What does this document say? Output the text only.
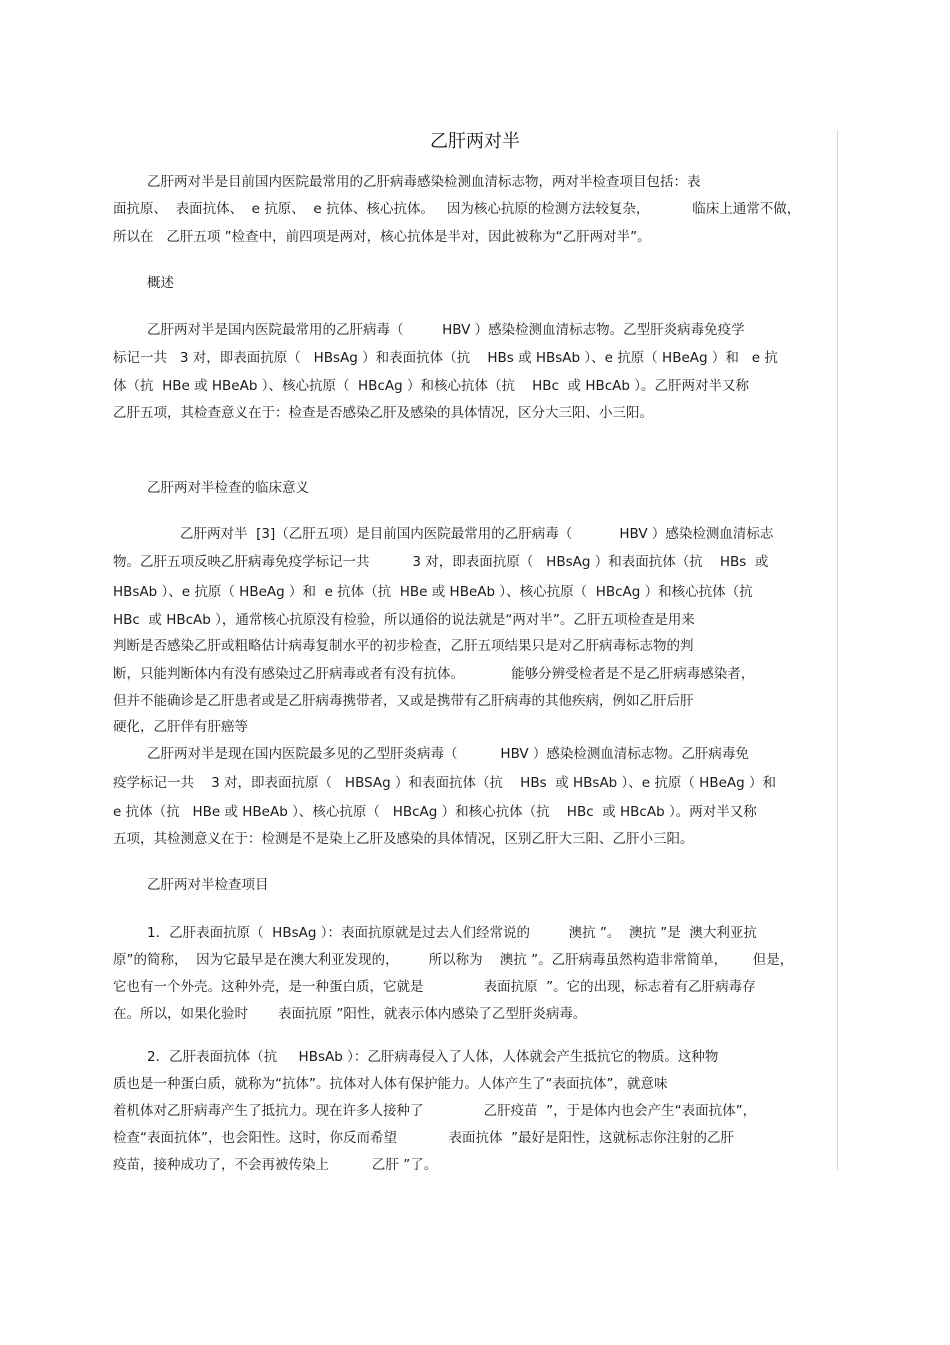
乙肝两对半
乙肝两对半是目前国内医院最常用的乙肝病毒感染检测血清标志物，两对半检查项目包括：表
面抗原、  表面抗体、  e 抗原、  e 抗体、核心抗体。   因为核心抗原的检测方法较复杂，          临床上通常不做，
所以在   乙肝五项 ”检查中，前四项是两对，核心抗体是半对，因此被称为“乙肝两对半”。
概述
乙肝两对半是国内医院最常用的乙肝病毒（         HBV ）感染检测血清标志物。乙型肝炎病毒免疫学
标记一共   3 对，即表面抗原（   HBsAg ）和表面抗体（抗    HBs 或 HBsAb ）、e 抗原（ HBeAg ）和   e 抗
体（抗  HBe 或 HBeAb ）、核心抗原（  HBcAg ）和核心抗体（抗    HBc  或 HBcAb ）。乙肝两对半又称
乙肝五项，其检查意义在于：检查是否感染乙肝及感染的具体情况，区分大三阳、小三阳。
乙肝两对半检查的临床意义
乙肝两对半  [3]（乙肝五项）是目前国内医院最常用的乙肝病毒（           HBV ）感染检测血清标志
物。乙肝五项反映乙肝病毒免疫学标记一共          3 对，即表面抗原（   HBsAg ）和表面抗体（抗    HBs  或
HBsAb ）、e 抗原（ HBeAg ）和  e 抗体（抗  HBe 或 HBeAb ）、核心抗原（  HBcAg ）和核心抗体（抗
HBc  或 HBcAb ），通常核心抗原没有检验，所以通俗的说法就是“两对半”。乙肝五项检查是用来
判断是否感染乙肝或粗略估计病毒复制水平的初步检查，乙肝五项结果只是对乙肝病毒标志物的判
断，只能判断体内有没有感染过乙肝病毒或者有没有抗体。           能够分辨受检者是不是乙肝病毒感染者，
但并不能确诊是乙肝患者或是乙肝病毒携带者，又或是携带有乙肝病毒的其他疾病，例如乙肝后肝
硬化，乙肝伴有肝癌等
乙肝两对半是现在国内医院最多见的乙型肝炎病毒（          HBV ）感染检测血清标志物。乙肝病毒免
疫学标记一共    3 对，即表面抗原（   HBSAg ）和表面抗体（抗    HBs  或 HBsAb ）、e 抗原（ HBeAg ）和
e 抗体（抗   HBe 或 HBeAb ）、核心抗原（   HBcAg ）和核心抗体（抗    HBc  或 HBcAb ）。两对半又称
五项，其检测意义在于：检测是不是染上乙肝及感染的具体情况，区别乙肝大三阳、乙肝小三阳。
乙肝两对半检查项目
1．乙肝表面抗原（  HBsAg ）：表面抗原就是过去人们经常说的         澳抗 ”。  澳抗 ”是  澳大利亚抗
原”的简称，  因为它最早是在澳大利亚发现的，       所以称为    澳抗 ”。乙肝病毒虽然构造非常简单，      但是，
它也有一个外壳。这种外壳，是一种蛋白质，它就是              表面抗原  ”。它的出现，标志着有乙肝病毒存
在。所以，如果化验时       表面抗原 ”阳性，就表示体内感染了乙型肝炎病毒。
2．乙肝表面抗体（抗     HBsAb ）：乙肝病毒侵入了人体，人体就会产生抵抗它的物质。这种物
质也是一种蛋白质，就称为“抗体”。抗体对人体有保护能力。人体产生了“表面抗体”，就意味
着机体对乙肝病毒产生了抵抗力。现在许多人接种了              乙肝疫苗  ”，于是体内也会产生“表面抗体”，
检查“表面抗体”，也会阳性。这时，你反而希望            表面抗体  ”最好是阳性，这就标志你注射的乙肝
疫苗，接种成功了，不会再被传染上          乙肝 ”了。
